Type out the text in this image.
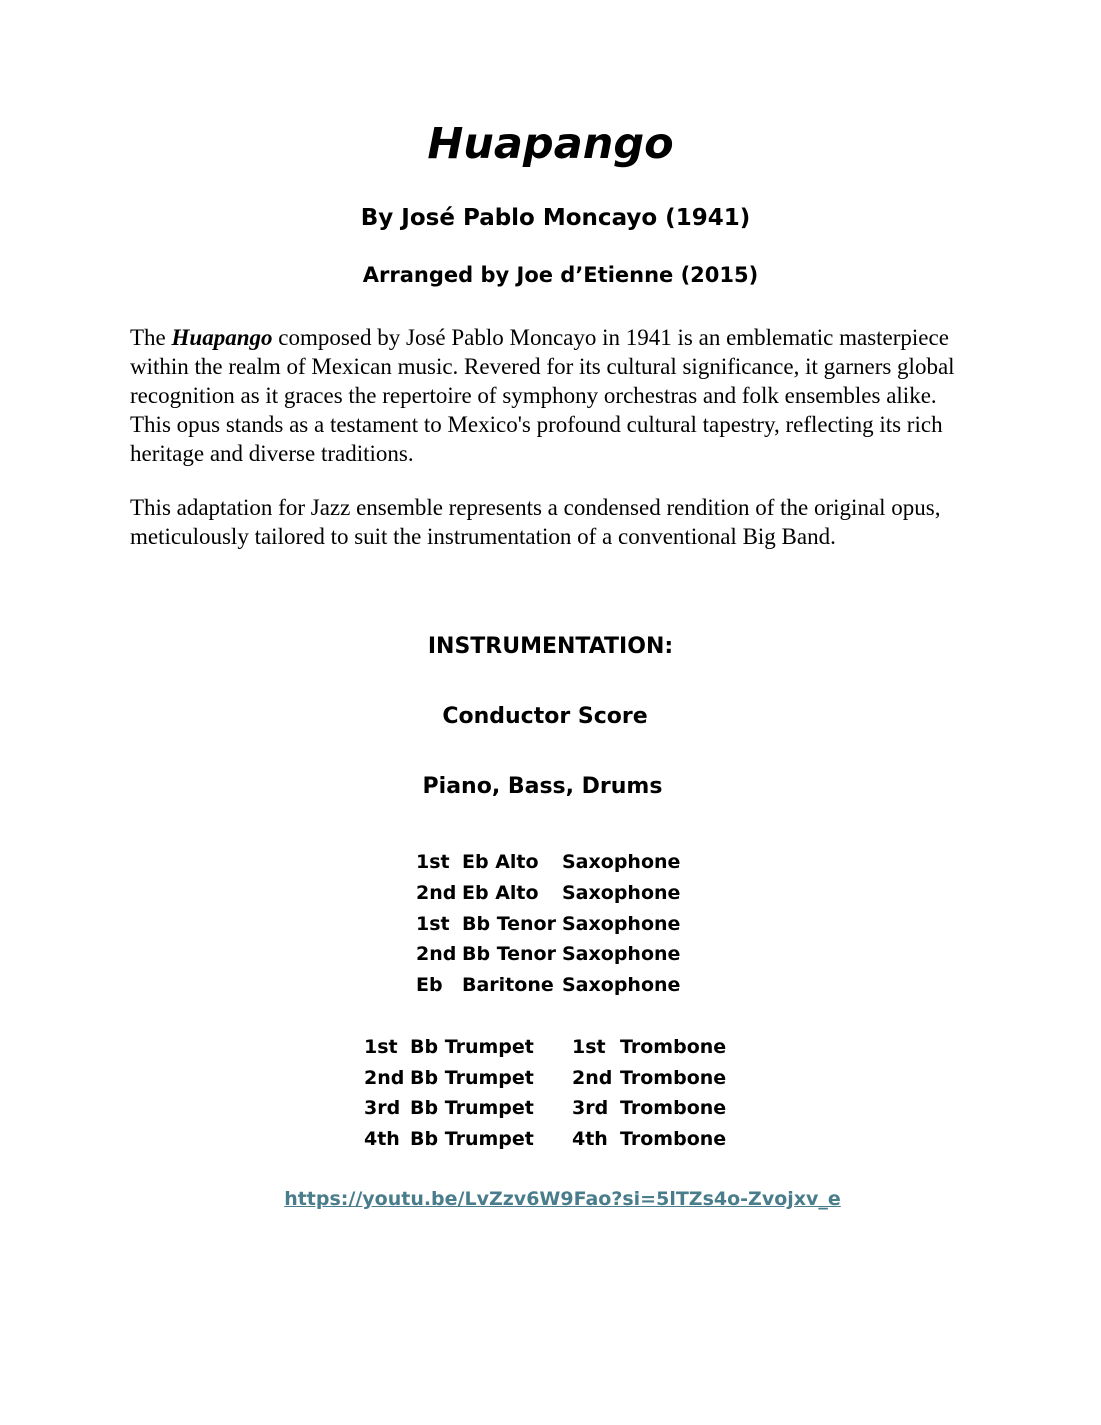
Huapango
By José Pablo Moncayo (1941)
Arranged by Joe d’Etienne (2015)

The Huapango composed by José Pablo Moncayo in 1941 is an emblematic masterpiece within the realm of Mexican music. Revered for its cultural significance, it garners global recognition as it graces the repertoire of symphony orchestras and folk ensembles alike. This opus stands as a testament to Mexico's profound cultural tapestry, reflecting its rich heritage and diverse traditions.

This adaptation for Jazz ensemble represents a condensed rendition of the original opus, meticulously tailored to suit the instrumentation of a conventional Big Band.

INSTRUMENTATION:
Conductor Score
Piano, Bass, Drums
1st Eb Alto	Saxophone
2nd Eb Alto	Saxophone
1st Bb Tenor Saxophone
2nd Bb Tenor Saxophone
Eb	Baritone Saxophone
1st Bb Trumpet	1st Trombone
2nd Bb Trumpet	2nd Trombone
3rd Bb Trumpet	3rd Trombone
4th Bb Trumpet	4th Trombone
https://youtu.be/LvZzv6W9Fao?si=5lTZs4o-Zvojxv_e
